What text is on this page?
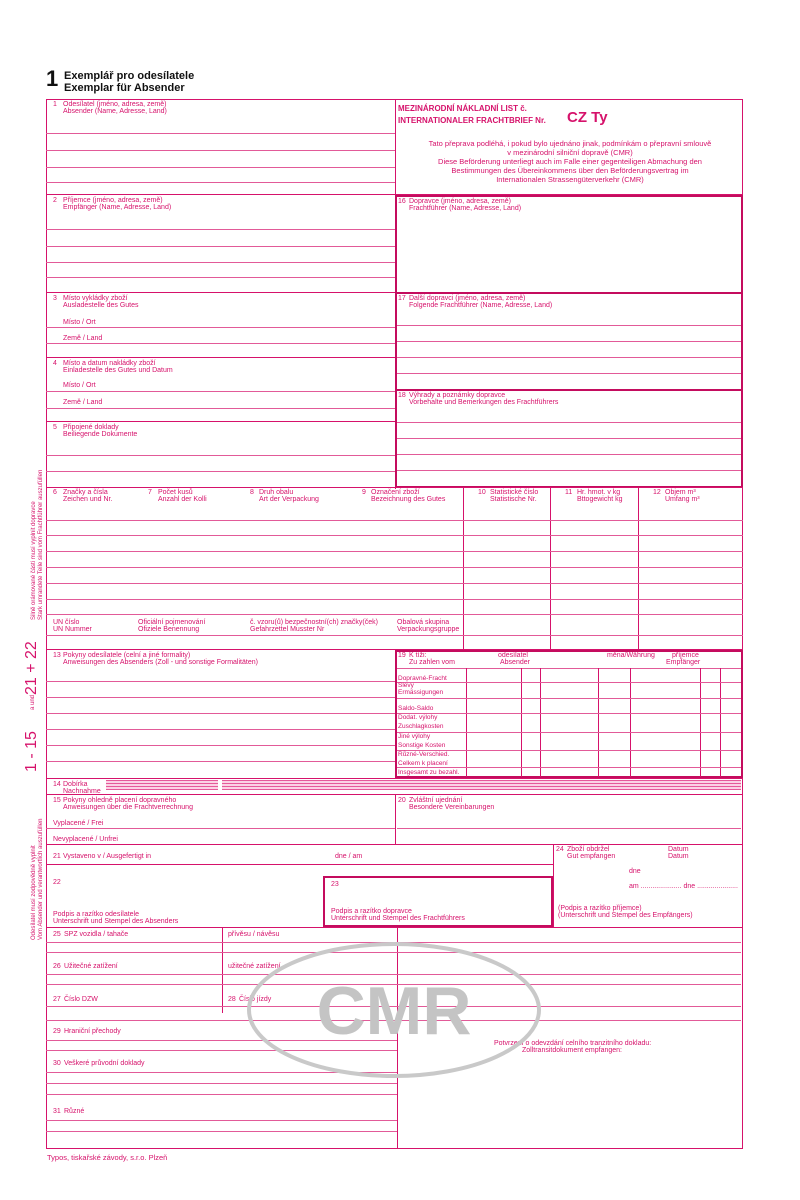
1 Exemplář pro odesílatele
Exemplar für Absender
1 Odesílatel (jméno, adresa, země)
Absender (Name, Adresse, Land)	MEZINÁRODNÍ NÁKLADNÍ LIST č.
INTERNATIONALER FRACHTBRIEF Nr. CZ Ty
Tato přeprava podléhá, i pokud bylo ujednáno jinak, podmínkám o přepravní smlouvě
v mezinárodní silniční dopravě (CMR)
Diese Beförderung unterliegt auch im Falle einer gegenteiligen Abmachung den
Bestimmungen des Übereinkommens über den Beförderungsvertrag im
Internationalen Strassengüterverkehr (CMR)
2 Příjemce (jméno, adresa, země)
Empfänger (Name, Adresse, Land)
3 Místo vykládky zboží
Ausladestelle des Gutes
Místo / Ort
Země / Land
4 Místo a datum nakládky zboží
Einladestelle des Gutes und Datum
Místo / Ort
Země / Land
5 Připojené doklady
Beiliegende Dokumente
16 Dopravce (jméno, adresa, země)
Frachtführer (Name, Adresse, Land)
17 Další dopravci (jméno, adresa, země)
Folgende Frachtführer (Name, Adresse, Land)
18 Výhrady a poznámky dopravce
Vorbehalte und Bemerkungen des Frachtführers
6 Značky a čísla
Zeichen und Nr.
7 Počet kusů
Anzahl der Kolli
8 Druh obalu
Art der Verpackung
9 Označení zboží
Bezeichnung des Gutes
10 Statistické číslo
Statistische Nr.
11 Hr. hmot. v kg
Bttogewicht kg
12 Objem m³
Umfang m³
UN číslo
UN Nummer
Oficiální pojmenování
Ofiziele Benennung
č. vzoru(ů) bezpečnostní(ch) značky(ček)
Gefahrzettel Musster Nr
Obalová skupina
Verpackungsgruppe
13 Pokyny odesílatele (celní a jiné formality)
Anweisungen des Absenders (Zoll - und sonstige Formalitäten)
19 K tíži:
Zu zahlen vom
odesílatel
Absender
měna/Währung příjemce
Empfänger
Dopravné-Fracht
Slevy
Ermässigungen
Saldo-Saldo
Dodat. výlohy
Zuschlagkosten
Jiné výlohy
Sonstige Kosten
Různé-Verschied.
Celkem k placení
Insgesamt zu bezahl.
14 Dobírka
Nachnahme
15 Pokyny ohledně placení dopravného
Anweisungen über die Frachtverrechnung
Vyplacené / Frei
Nevyplacené / Unfrei
20 Zvláštní ujednání
Besondere Vereinbarungen
21 Vystaveno v / Ausgefertigt in	dne / am
24 Zboží obdržel
Gut empfangen
Datum
Datum
dne
am ..................... dne .....................
(Podpis a razítko příjemce)
(Unterschrift und Stempel des Empfängers)
22
Podpis a razítko odesílatele
Unterschrift und Stempel des Absenders
23
Podpis a razítko dopravce
Unterschrift und Stempel des Frachtführers
25 SPZ vozidla / tahače	přívěsu / návěsu
26 Užitečné zatížení	užitečné zatížení
27 Číslo DZW	28 Číslo jízdy
29 Hraniční přechody
Potvrzení o odevzdání celního tranzitního dokladu:
Zolltransitdokument empfangen:
30 Veškeré průvodní doklady
31 Různé
CMR
1 - 15
a und
21 + 22
Silně orámované části musí vyplnit dopravce Stark umrandete Teile sind vom Frachtführer auszufüllen
Odesílatel musí zodpovědně vyplnit Vom Absender und verantwortlich auszufüllen
Typos, tiskařské závody, s.r.o. Plzeň
